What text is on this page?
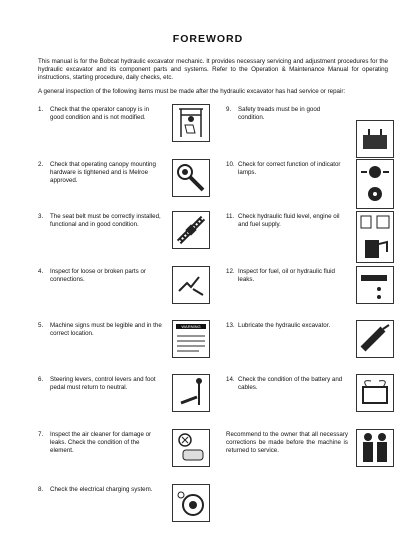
FOREWORD
This manual is for the Bobcat hydraulic excavator mechanic. It provides necessary servicing and adjustment procedures for the hydraulic excavator and its component parts and systems. Refer to the Operation & Maintenance Manual for operating instructions, starting procedure, daily checks, etc.
A general inspection of the following items must be made after the hydraulic excavator has had service or repair:
1. Check that the operator canopy is in good condition and is not modified.
2. Check that operating canopy mounting hardware is tightened and is Melroe approved.
3. The seat belt must be correctly installed, functional and in good condition.
4. Inspect for loose or broken parts or connections.
5. Machine signs must be legible and in the correct location.
WARNING
6. Steering levers, control levers and foot pedal must return to neutral.
7. Inspect the air cleaner for damage or leaks. Check the condition of the element.
8. Check the electrical charging system.
9. Safety treads must be in good condition.
10. Check for correct function of indicator lamps.
11. Check hydraulic fluid level, engine oil and fuel supply.
12. Inspect for fuel, oil or hydraulic fluid leaks.
13. Lubricate the hydraulic excavator.
14. Check the condition of the battery and cables.
Recommend to the owner that all necessary corrections be made before the machine is returned to service.
